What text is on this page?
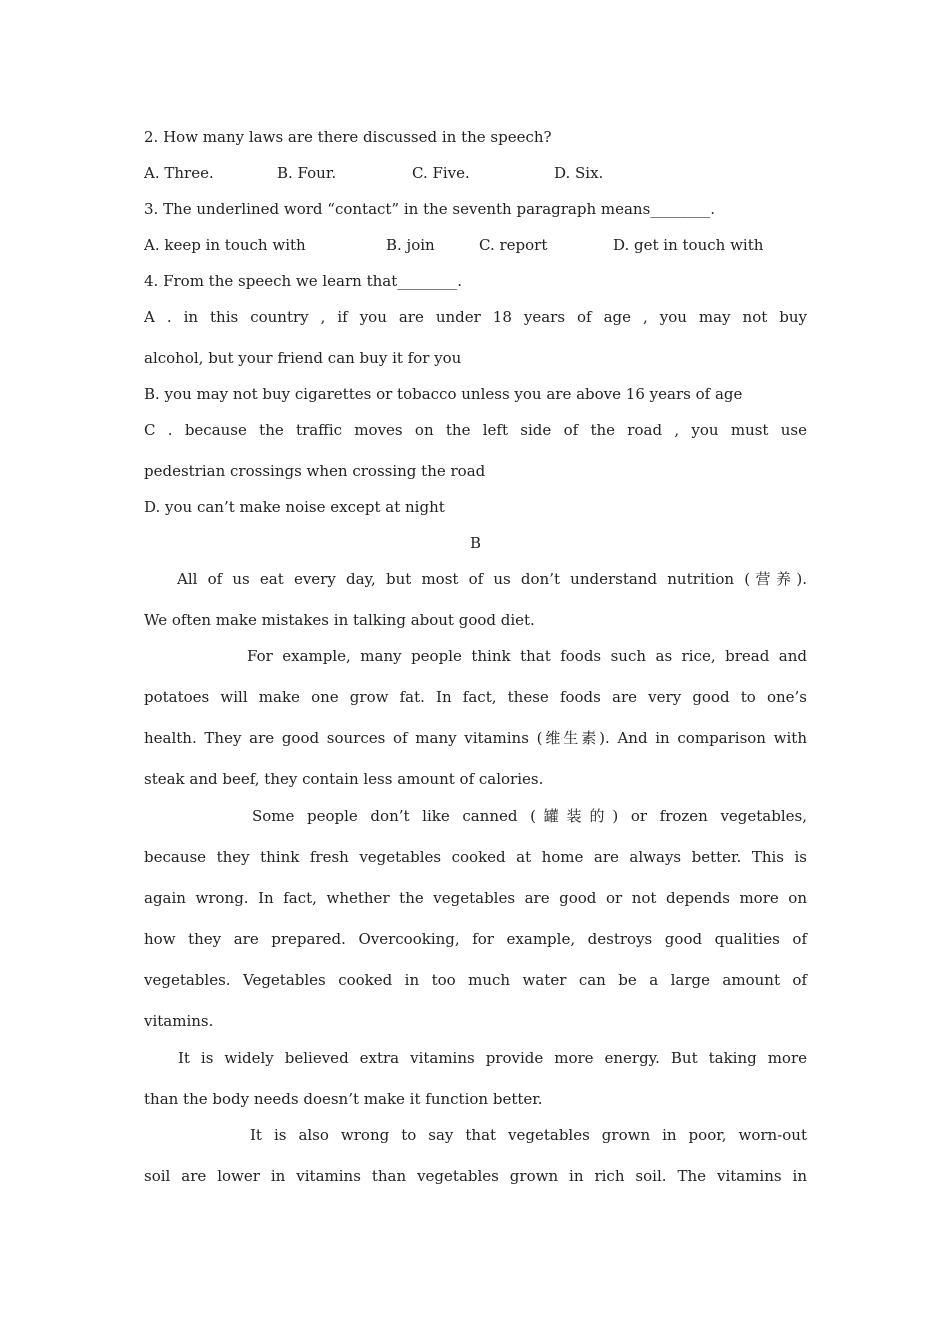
2. How many laws are there discussed in the speech?
A. Three.	B. Four.	C. Five.	D. Six.
3. The underlined word “contact” in the seventh paragraph means________.
A. keep in touch with	B. join	C. report	D. get in touch with
4. From the speech we learn that________.
A . in this country , if you are under 18 years of age , you may not buy
alcohol, but your friend can buy it for you
B. you may not buy cigarettes or tobacco unless you are above 16 years of age
C . because the traffic moves on the left side of the road , you must use
pedestrian crossings when crossing the road
D. you can’t make noise except at night
B
All of us eat every day, but most of us don’t understand nutrition (营养).
We often make mistakes in talking about good diet.
For example, many people think that foods such as rice, bread and
potatoes will make one grow fat. In fact, these foods are very good to one’s
health. They are good sources of many vitamins (维生素). And in comparison with
steak and beef, they contain less amount of calories.
Some people don’t like canned (罐装的) or frozen vegetables,
because they think fresh vegetables cooked at home are always better. This is
again wrong. In fact, whether the vegetables are good or not depends more on
how they are prepared. Overcooking, for example, destroys good qualities of
vegetables. Vegetables cooked in too much water can be a large amount of
vitamins.
It is widely believed extra vitamins provide more energy. But taking more
than the body needs doesn’t make it function better.
It is also wrong to say that vegetables grown in poor, worn-out
soil are lower in vitamins than vegetables grown in rich soil. The vitamins in
